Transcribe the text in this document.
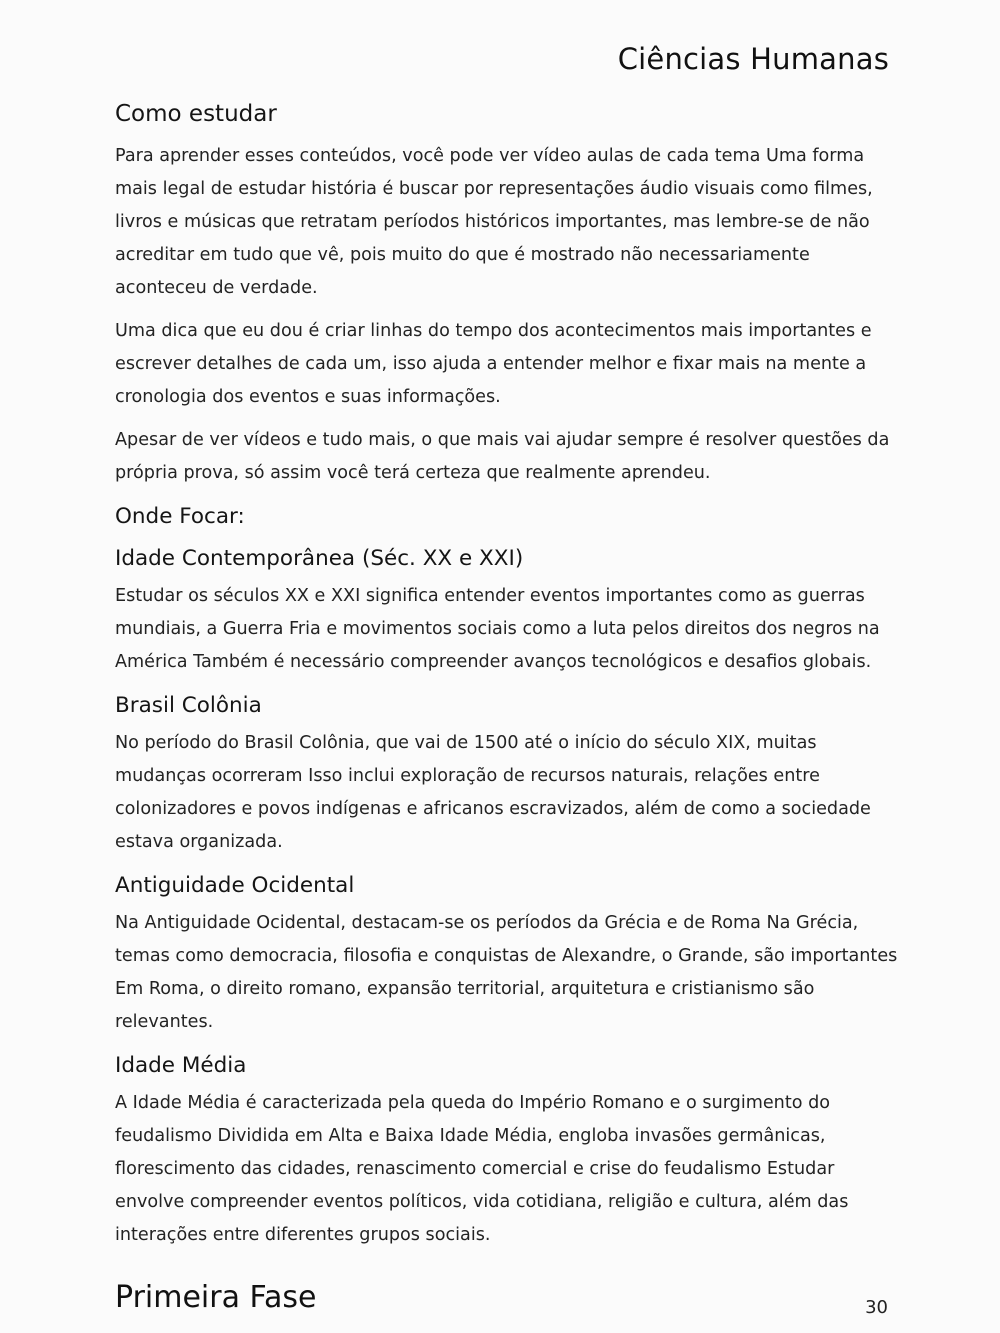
Ciências Humanas
Como estudar

Para aprender esses conteúdos, você pode ver vídeo aulas de cada tema Uma forma mais legal de estudar história é buscar por representações áudio visuais como filmes, livros e músicas que retratam períodos históricos importantes, mas lembre-se de não acreditar em tudo que vê, pois muito do que é mostrado não necessariamente aconteceu de verdade.

Uma dica que eu dou é criar linhas do tempo dos acontecimentos mais importantes e escrever detalhes de cada um, isso ajuda a entender melhor e fixar mais na mente a cronologia dos eventos e suas informações.

Apesar de ver vídeos e tudo mais, o que mais vai ajudar sempre é resolver questões da própria prova, só assim você terá certeza que realmente aprendeu.

Onde Focar:
Idade Contemporânea (Séc. XX e XXI)

Estudar os séculos XX e XXI significa entender eventos importantes como as guerras mundiais, a Guerra Fria e movimentos sociais como a luta pelos direitos dos negros na América Também é necessário compreender avanços tecnológicos e desafios globais.

Brasil Colônia

No período do Brasil Colônia, que vai de 1500 até o início do século XIX, muitas mudanças ocorreram Isso inclui exploração de recursos naturais, relações entre colonizadores e povos indígenas e africanos escravizados, além de como a sociedade estava organizada.

Antiguidade Ocidental

Na Antiguidade Ocidental, destacam-se os períodos da Grécia e de Roma Na Grécia, temas como democracia, filosofia e conquistas de Alexandre, o Grande, são importantes Em Roma, o direito romano, expansão territorial, arquitetura e cristianismo são relevantes.

Idade Média

A Idade Média é caracterizada pela queda do Império Romano e o surgimento do feudalismo Dividida em Alta e Baixa Idade Média, engloba invasões germânicas, florescimento das cidades, renascimento comercial e crise do feudalismo Estudar envolve compreender eventos políticos, vida cotidiana, religião e cultura, além das interações entre diferentes grupos sociais.

Primeira Fase	30
